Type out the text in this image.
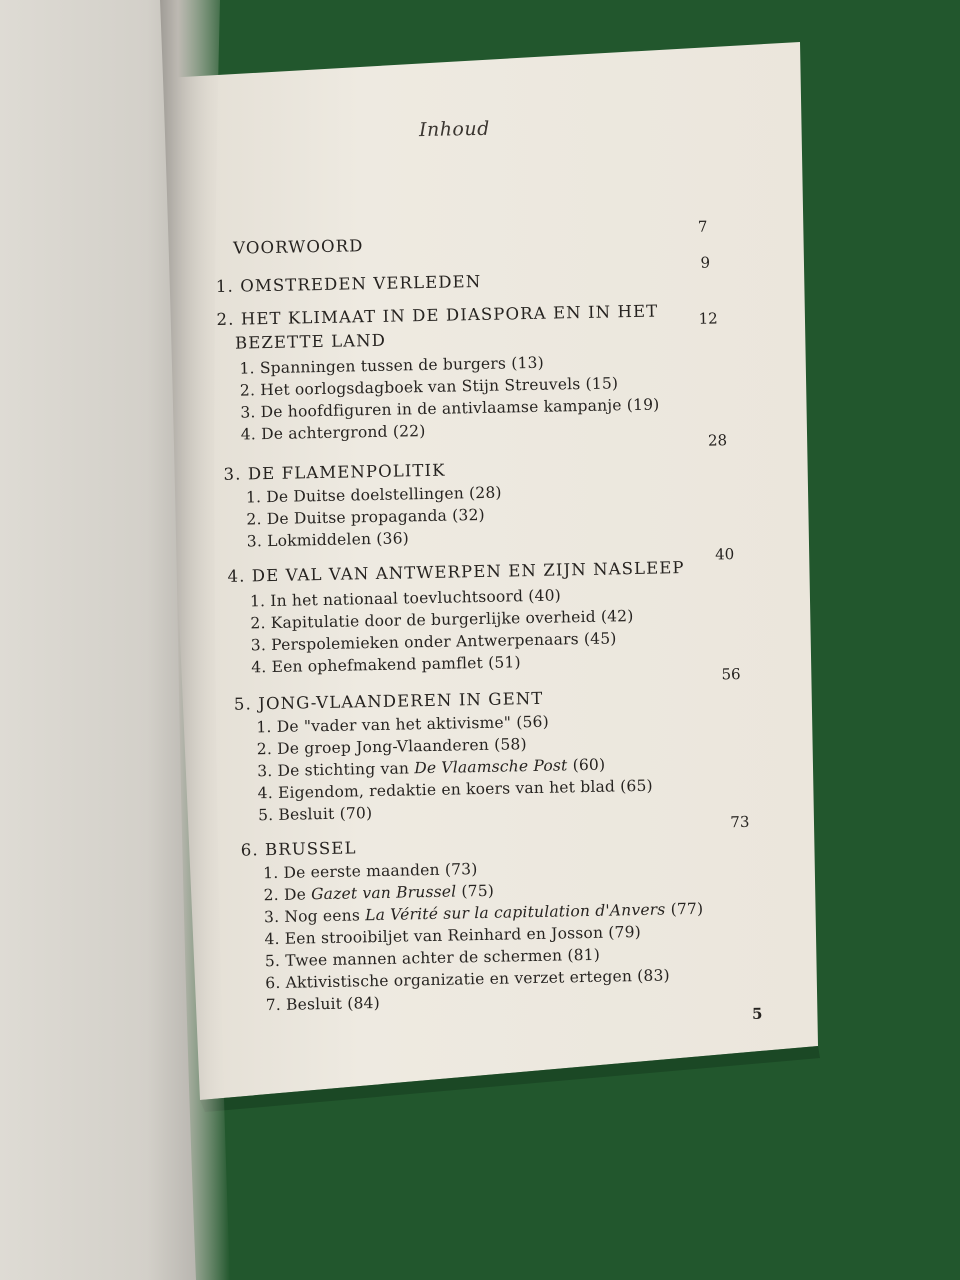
Inhoud
VOORWOORD
7
1. OMSTREDEN VERLEDEN
9
2. HET KLIMAAT IN DE DIASPORA EN IN HET
BEZETTE LAND
12
1. Spanningen tussen de burgers (13)
2. Het oorlogsdagboek van Stijn Streuvels (15)
3. De hoofdfiguren in de antivlaamse kampanje (19)
4. De achtergrond (22)
3. DE FLAMENPOLITIK
28
1. De Duitse doelstellingen (28)
2. De Duitse propaganda (32)
3. Lokmiddelen (36)
4. DE VAL VAN ANTWERPEN EN ZIJN NASLEEP
40
1. In het nationaal toevluchtsoord (40)
2. Kapitulatie door de burgerlijke overheid (42)
3. Perspolemieken onder Antwerpenaars (45)
4. Een ophefmakend pamflet (51)
5. JONG-VLAANDEREN IN GENT
56
1. De "vader van het aktivisme" (56)
2. De groep Jong-Vlaanderen (58)
3. De stichting van De Vlaamsche Post (60)
4. Eigendom, redaktie en koers van het blad (65)
5. Besluit (70)
6. BRUSSEL
73
1. De eerste maanden (73)
2. De Gazet van Brussel (75)
3. Nog eens La Vérité sur la capitulation d'Anvers (77)
4. Een strooibiljet van Reinhard en Josson (79)
5. Twee mannen achter de schermen (81)
6. Aktivistische organizatie en verzet ertegen (83)
7. Besluit (84)
5
